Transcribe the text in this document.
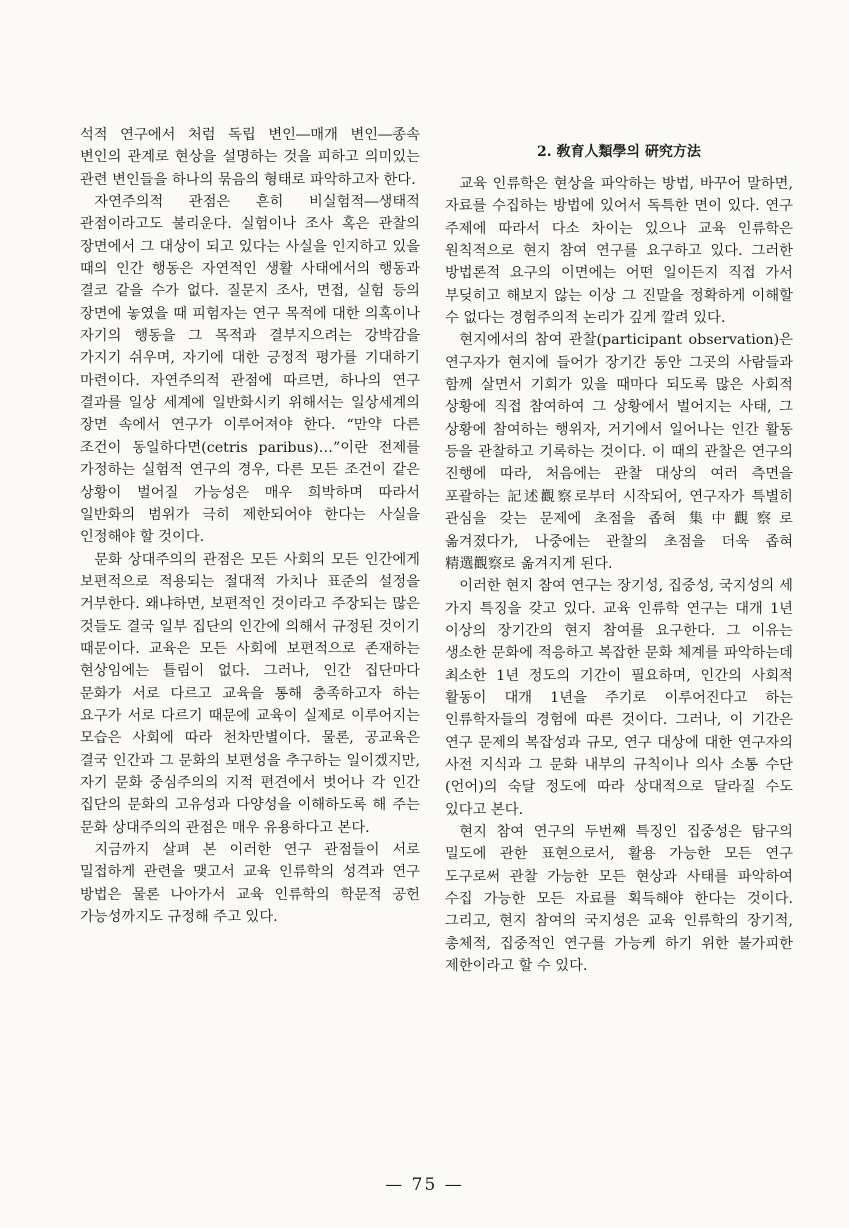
석적 연구에서 처럼 독립 변인―매개 변인―종속 변인의 관계로 현상을 설명하는 것을 피하고 의미있는 관련 변인들을 하나의 묶음의 형태로 파악하고자 한다.

자연주의적 관점은 흔히 비실험적―생태적 관점이라고도 불리운다. 실험이나 조사 혹은 관찰의 장면에서 그 대상이 되고 있다는 사실을 인지하고 있을 때의 인간 행동은 자연적인 생활 사태에서의 행동과 결코 같을 수가 없다. 질문지 조사, 면접, 실험 등의 장면에 놓였을 때 피험자는 연구 목적에 대한 의혹이나 자기의 행동을 그 목적과 결부지으려는 강박감을 가지기 쉬우며, 자기에 대한 긍정적 평가를 기대하기 마련이다. 자연주의적 관점에 따르면, 하나의 연구 결과를 일상 세계에 일반화시키 위해서는 일상세계의 장면 속에서 연구가 이루어져야 한다. “만약 다른 조건이 동일하다면(cetris paribus)…”이란 전제를 가정하는 실험적 연구의 경우, 다른 모든 조건이 같은 상황이 벌어질 가능성은 매우 희박하며 따라서 일반화의 범위가 극히 제한되어야 한다는 사실을 인정해야 할 것이다.

문화 상대주의의 관점은 모든 사회의 모든 인간에게 보편적으로 적용되는 절대적 가치나 표준의 설정을 거부한다. 왜냐하면, 보편적인 것이라고 주장되는 많은 것들도 결국 일부 집단의 인간에 의해서 규정된 것이기 때문이다. 교육은 모든 사회에 보편적으로 존재하는 현상임에는 틀림이 없다. 그러나, 인간 집단마다 문화가 서로 다르고 교육을 통해 충족하고자 하는 요구가 서로 다르기 때문에 교육이 실제로 이루어지는 모습은 사회에 따라 천차만별이다. 물론, 공교육은 결국 인간과 그 문화의 보편성을 추구하는 일이겠지만, 자기 문화 중심주의의 지적 편견에서 벗어나 각 인간 집단의 문화의 고유성과 다양성을 이해하도록 해 주는 문화 상대주의의 관점은 매우 유용하다고 본다.

지금까지 살펴 본 이러한 연구 관점들이 서로 밀접하게 관련을 맺고서 교육 인류학의 성격과 연구 방법은 물론 나아가서 교육 인류학의 학문적 공헌 가능성까지도 규정해 주고 있다.

2. 敎育人類學의 硏究方法

교육 인류학은 현상을 파악하는 방법, 바꾸어 말하면, 자료를 수집하는 방법에 있어서 독특한 면이 있다. 연구 주제에 따라서 다소 차이는 있으나 교육 인류학은 원칙적으로 현지 참여 연구를 요구하고 있다. 그러한 방법론적 요구의 이면에는 어떤 일이든지 직접 가서 부딪히고 해보지 않는 이상 그 진말을 정확하게 이해할 수 없다는 경험주의적 논리가 깊게 깔려 있다.

현지에서의 참여 관찰(participant observation)은 연구자가 현지에 들어가 장기간 동안 그곳의 사람들과 함께 살면서 기회가 있을 때마다 되도록 많은 사회적 상황에 직접 참여하여 그 상황에서 벌어지는 사태, 그 상황에 참여하는 행위자, 거기에서 일어나는 인간 활동 등을 관찰하고 기록하는 것이다. 이 때의 관찰은 연구의 진행에 따라, 처음에는 관찰 대상의 여러 측면을 포괄하는 記述觀察로부터 시작되어, 연구자가 특별히 관심을 갖는 문제에 초점을 좁혀 集中觀察로 옮겨졌다가, 나중에는 관찰의 초점을 더욱 좁혀 精選觀察로 옮겨지게 된다.

이러한 현지 참여 연구는 장기성, 집중성, 국지성의 세 가지 특징을 갖고 있다. 교육 인류학 연구는 대개 1년 이상의 장기간의 현지 참여를 요구한다. 그 이유는 생소한 문화에 적응하고 복잡한 문화 체계를 파악하는데 최소한 1년 정도의 기간이 필요하며, 인간의 사회적 활동이 대개 1년을 주기로 이루어진다고 하는 인류학자들의 경험에 따른 것이다. 그러나, 이 기간은 연구 문제의 복잡성과 규모, 연구 대상에 대한 연구자의 사전 지식과 그 문화 내부의 규칙이나 의사 소통 수단(언어)의 숙달 정도에 따라 상대적으로 달라질 수도 있다고 본다.

현지 참여 연구의 두번째 특징인 집중성은 탐구의 밀도에 관한 표현으로서, 활용 가능한 모든 연구 도구로써 관찰 가능한 모든 현상과 사태를 파악하여 수집 가능한 모든 자료를 획득해야 한다는 것이다. 그리고, 현지 참여의 국지성은 교육 인류학의 장기적, 총체적, 집중적인 연구를 가능케 하기 위한 불가피한 제한이라고 할 수 있다.

— 75 —
